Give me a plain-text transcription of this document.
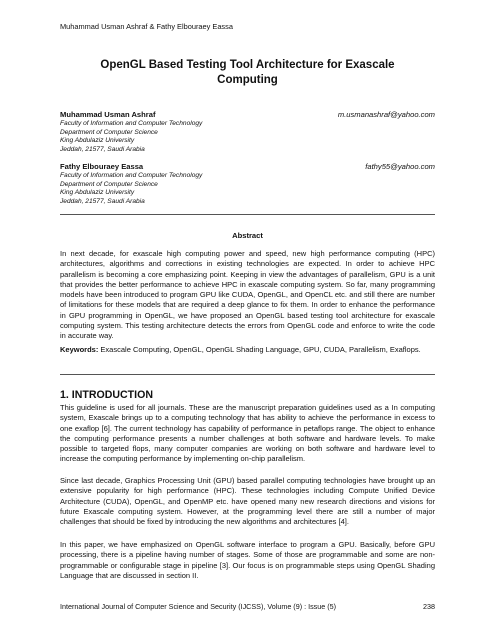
Muhammad Usman Ashraf & Fathy Elbouraey Eassa
OpenGL Based Testing Tool Architecture for Exascale Computing
Muhammad Usman Ashraf	m.usmanashraf@yahoo.com
Faculty of Information and Computer Technology
Department of Computer Science
King Abdulaziz University
Jeddah, 21577, Saudi Arabia
Fathy Elbouraey Eassa	fathy55@yahoo.com
Faculty of Information and Computer Technology
Department of Computer Science
King Abdulaziz University
Jeddah, 21577, Saudi Arabia
Abstract

In next decade, for exascale high computing power and speed, new high performance computing (HPC) architectures, algorithms and corrections in existing technologies are expected. In order to achieve HPC parallelism is becoming a core emphasizing point. Keeping in view the advantages of parallelism, GPU is a unit that provides the better performance to achieve HPC in exascale computing system. So far, many programming models have been introduced to program GPU like CUDA, OpenGL, and OpenCL etc. and still there are number of limitations for these models that are required a deep glance to fix them. In order to enhance the performance in GPU programming in OpenGL, we have proposed an OpenGL based testing tool architecture for exascale computing system. This testing architecture detects the errors from OpenGL code and enforce to write the code in accurate way.

Keywords: Exascale Computing, OpenGL, OpenGL Shading Language, GPU, CUDA, Parallelism, Exaflops.

1. INTRODUCTION

This guideline is used for all journals. These are the manuscript preparation guidelines used as a In computing system, Exascale brings up to a computing technology that has ability to achieve the performance in excess to one exaflop [6]. The current technology has capability of performance in petaflops range. The object to enhance the computing performance presents a number challenges at both software and hardware levels. To make possible to targeted flops, many computer companies are working on both software and hardware level to increase the computing performance by implementing on-chip parallelism.

Since last decade, Graphics Processing Unit (GPU) based parallel computing technologies have brought up an extensive popularity for high performance (HPC). These technologies including Compute Unified Device Architecture (CUDA), OpenGL, and OpenMP etc. have opened many new research directions and visions for future Exascale computing system. However, at the programming level there are still a number of major challenges that should be fixed by introducing the new algorithms and architectures [4].

In this paper, we have emphasized on OpenGL software interface to program a GPU. Basically, before GPU processing, there is a pipeline having number of stages. Some of those are programmable and some are non-programmable or configurable stage in pipeline [3]. Our focus is on programmable steps using OpenGL Shading Language that are discussed in section II.

International Journal of Computer Science and Security (IJCSS), Volume (9) : Issue (5)	238
